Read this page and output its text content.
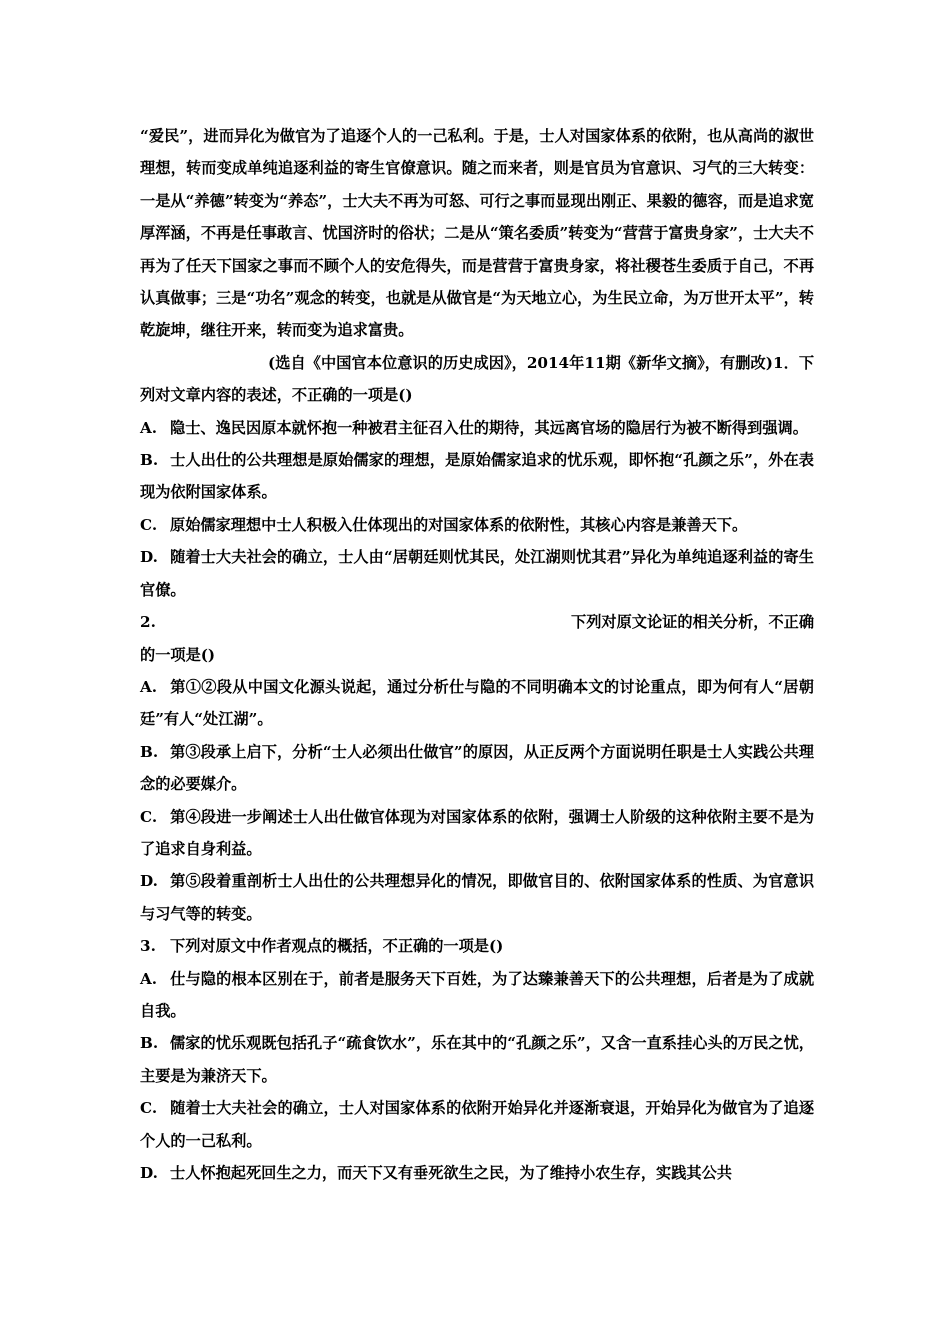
“爱民”，进而异化为做官为了追逐个人的一己私利。于是，士人对国家体系的依附，也从高尚的淑世理想，转而变成单纯追逐利益的寄生官僚意识。随之而来者，则是官员为官意识、习气的三大转变：一是从“养德”转变为“养态”，士大夫不再为可怒、可行之事而显现出刚正、果毅的德容，而是追求宽厚浑涵，不再是任事敢言、忧国济时的俗状；二是从“策名委质”转变为“营营于富贵身家”，士大夫不再为了任天下国家之事而不顾个人的安危得失，而是营营于富贵身家，将社稷苍生委质于自己，不再认真做事；三是“功名”观念的转变，也就是从做官是“为天地立心，为生民立命，为万世开太平”，转乾旋坤，继往开来，转而变为追求富贵。

(选自《中国官本位意识的历史成因》，2014年11期《新华文摘》，有删改)1．下列对文章内容的表述，不正确的一项是()

A. 隐士、逸民因原本就怀抱一种被君主征召入仕的期待，其远离官场的隐居行为被不断得到强调。

B. 士人出仕的公共理想是原始儒家的理想，是原始儒家追求的忧乐观，即怀抱“孔颜之乐”，外在表现为依附国家体系。

C. 原始儒家理想中士人积极入仕体现出的对国家体系的依附性，其核心内容是兼善天下。

D. 随着士大夫社会的确立，士人由“居朝廷则忧其民，处江湖则忧其君”异化为单纯追逐利益的寄生官僚。

2.	下列对原文论证的相关分析，不正确

的一项是()

A. 第①②段从中国文化源头说起，通过分析仕与隐的不同明确本文的讨论重点，即为何有人“居朝廷”有人“处江湖”。

B. 第③段承上启下，分析“士人必须出仕做官”的原因，从正反两个方面说明任职是士人实践公共理念的必要媒介。

C. 第④段进一步阐述士人出仕做官体现为对国家体系的依附，强调士人阶级的这种依附主要不是为了追求自身利益。

D. 第⑤段着重剖析士人出仕的公共理想异化的情况，即做官目的、依附国家体系的性质、为官意识与习气等的转变。

3. 下列对原文中作者观点的概括，不正确的一项是()

A. 仕与隐的根本区别在于，前者是服务天下百姓，为了达臻兼善天下的公共理想，后者是为了成就自我。

B. 儒家的忧乐观既包括孔子“疏食饮水”，乐在其中的“孔颜之乐”，又含一直系挂心头的万民之忧，主要是为兼济天下。

C. 随着士大夫社会的确立，士人对国家体系的依附开始异化并逐渐衰退，开始异化为做官为了追逐个人的一己私利。

D. 士人怀抱起死回生之力，而天下又有垂死欲生之民，为了维持小农生存，实践其公共
